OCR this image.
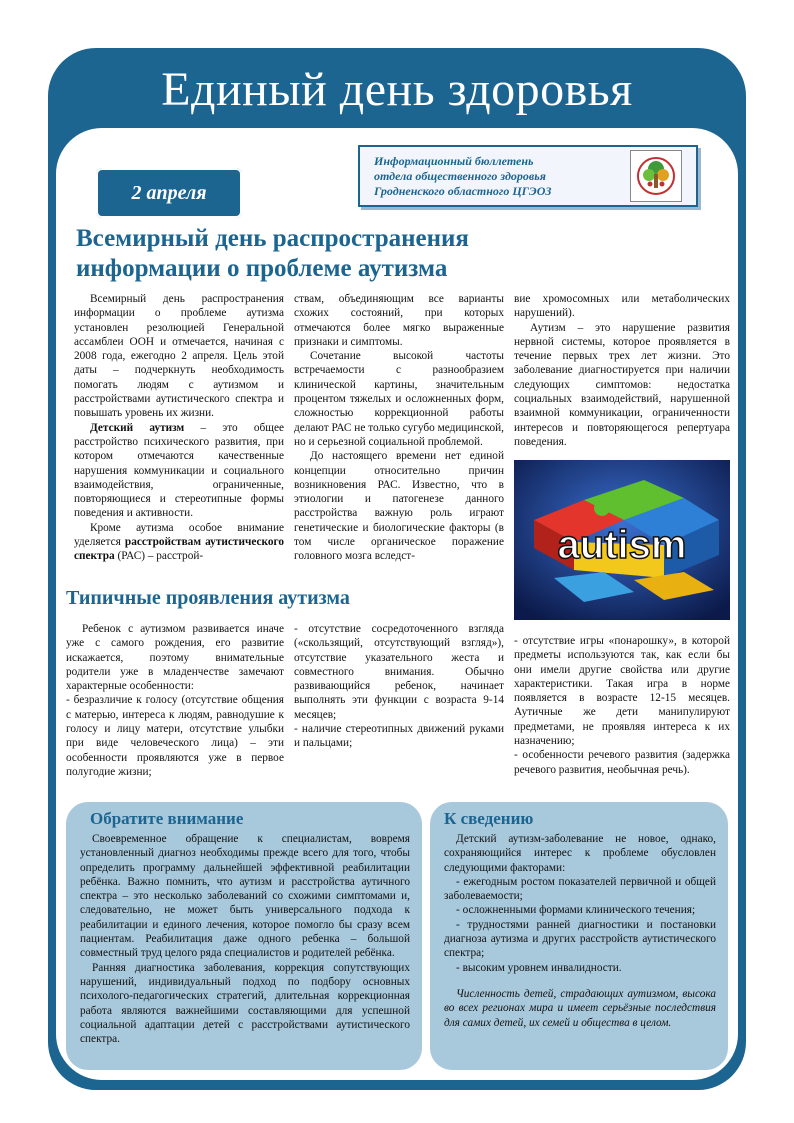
Единый день здоровья
2 апреля
Информационный бюллетень
отдела общественного здоровья
Гродненского областного ЦГЭОЗ
Всемирный день распространения
информации о проблеме аутизма

Всемирный день распространения информации о проблеме аутизма установлен резолюцией Генеральной ассамблеи ООН и отмечается, начиная с 2008 года, ежегодно 2 апреля. Цель этой даты – подчеркнуть необходимость помогать людям с аутизмом и расстройствами аутистического спектра и повышать уровень их жизни.

Детский аутизм – это общее расстройство психического развития, при котором отмечаются качественные нарушения коммуникации и социального взаимодействия, ограниченные, повторяющиеся и стереотипные формы поведения и активности.

Кроме аутизма особое внимание уделяется расстройствам аутистического спектра (РАС) – расстрой-

ствам, объединяющим все варианты схожих состояний, при которых отмечаются более мягко выраженные признаки и симптомы.

Сочетание высокой частоты встречаемости с разнообразием клинической картины, значительным процентом тяжелых и осложненных форм, сложностью коррекционной работы делают РАС не только сугубо медицинской, но и серьезной социальной проблемой.

До настоящего времени нет единой концепции относительно причин возникновения РАС. Известно, что в этиологии и патогенезе данного расстройства важную роль играют генетические и биологические факторы (в том числе органическое поражение головного мозга вследст-

вие хромосомных или метаболических нарушений).

Аутизм – это нарушение развития нервной системы, которое проявляется в течение первых трех лет жизни. Это заболевание диагностируется при наличии следующих симптомов: недостатка социальных взаимодействий, нарушенной взаимной коммуникации, ограниченности интересов и повторяющегося репертуара поведения.

autism
Типичные проявления аутизма

Ребенок с аутизмом развивается иначе уже с самого рождения, его развитие искажается, поэтому внимательные родители уже в младенчестве замечают характерные особенности:

- безразличие к голосу (отсутствие общения с матерью, интереса к людям, равнодушие к голосу и лицу матери, отсутствие улыбки при виде человеческого лица) – эти особенности проявляются уже в первое полугодие жизни;

- отсутствие сосредоточенного взгляда («скользящий, отсутствующий взгляд»), отсутствие указательного жеста и совместного внимания. Обычно развивающийся ребенок, начинает выполнять эти функции с возраста 9-14 месяцев;

- наличие стереотипных движений руками и пальцами;

- отсутствие игры «понарошку», в которой предметы используются так, как если бы они имели другие свойства или другие характеристики. Такая игра в норме появляется в возрасте 12-15 месяцев. Аутичные же дети манипулируют предметами, не проявляя интереса к их назначению;

- особенности речевого развития (задержка речевого развития, необычная речь).

Обратите внимание

Своевременное обращение к специалистам, вовремя установленный диагноз необходимы прежде всего для того, чтобы определить программу дальнейшей эффективной реабилитации ребёнка. Важно помнить, что аутизм и расстройства аутичного спектра – это несколько заболеваний со схожими симптомами и, следовательно, не может быть универсального подхода к реабилитации и единого лечения, которое помогло бы сразу всем пациентам. Реабилитация даже одного ребенка – большой совместный труд целого ряда специалистов и родителей ребёнка.

Ранняя диагностика заболевания, коррекция сопутствующих нарушений, индивидуальный подход по подбору основных психолого-педагогических стратегий, длительная коррекционная работа являются важнейшими составляющими для успешной социальной адаптации детей с расстройствами аутистического спектра.

К сведению

Детский аутизм-заболевание не новое, однако, сохраняющийся интерес к проблеме обусловлен следующими факторами:

- ежегодным ростом показателей первичной и общей заболеваемости;

- осложненными формами клинического течения;

- трудностями ранней диагностики и постановки диагноза аутизма и других расстройств аутистического спектра;

- высоким уровнем инвалидности.

Численность детей, страдающих аутизмом, высока во всех регионах мира и имеет серьёзные последствия для самих детей, их семей и общества в целом.
